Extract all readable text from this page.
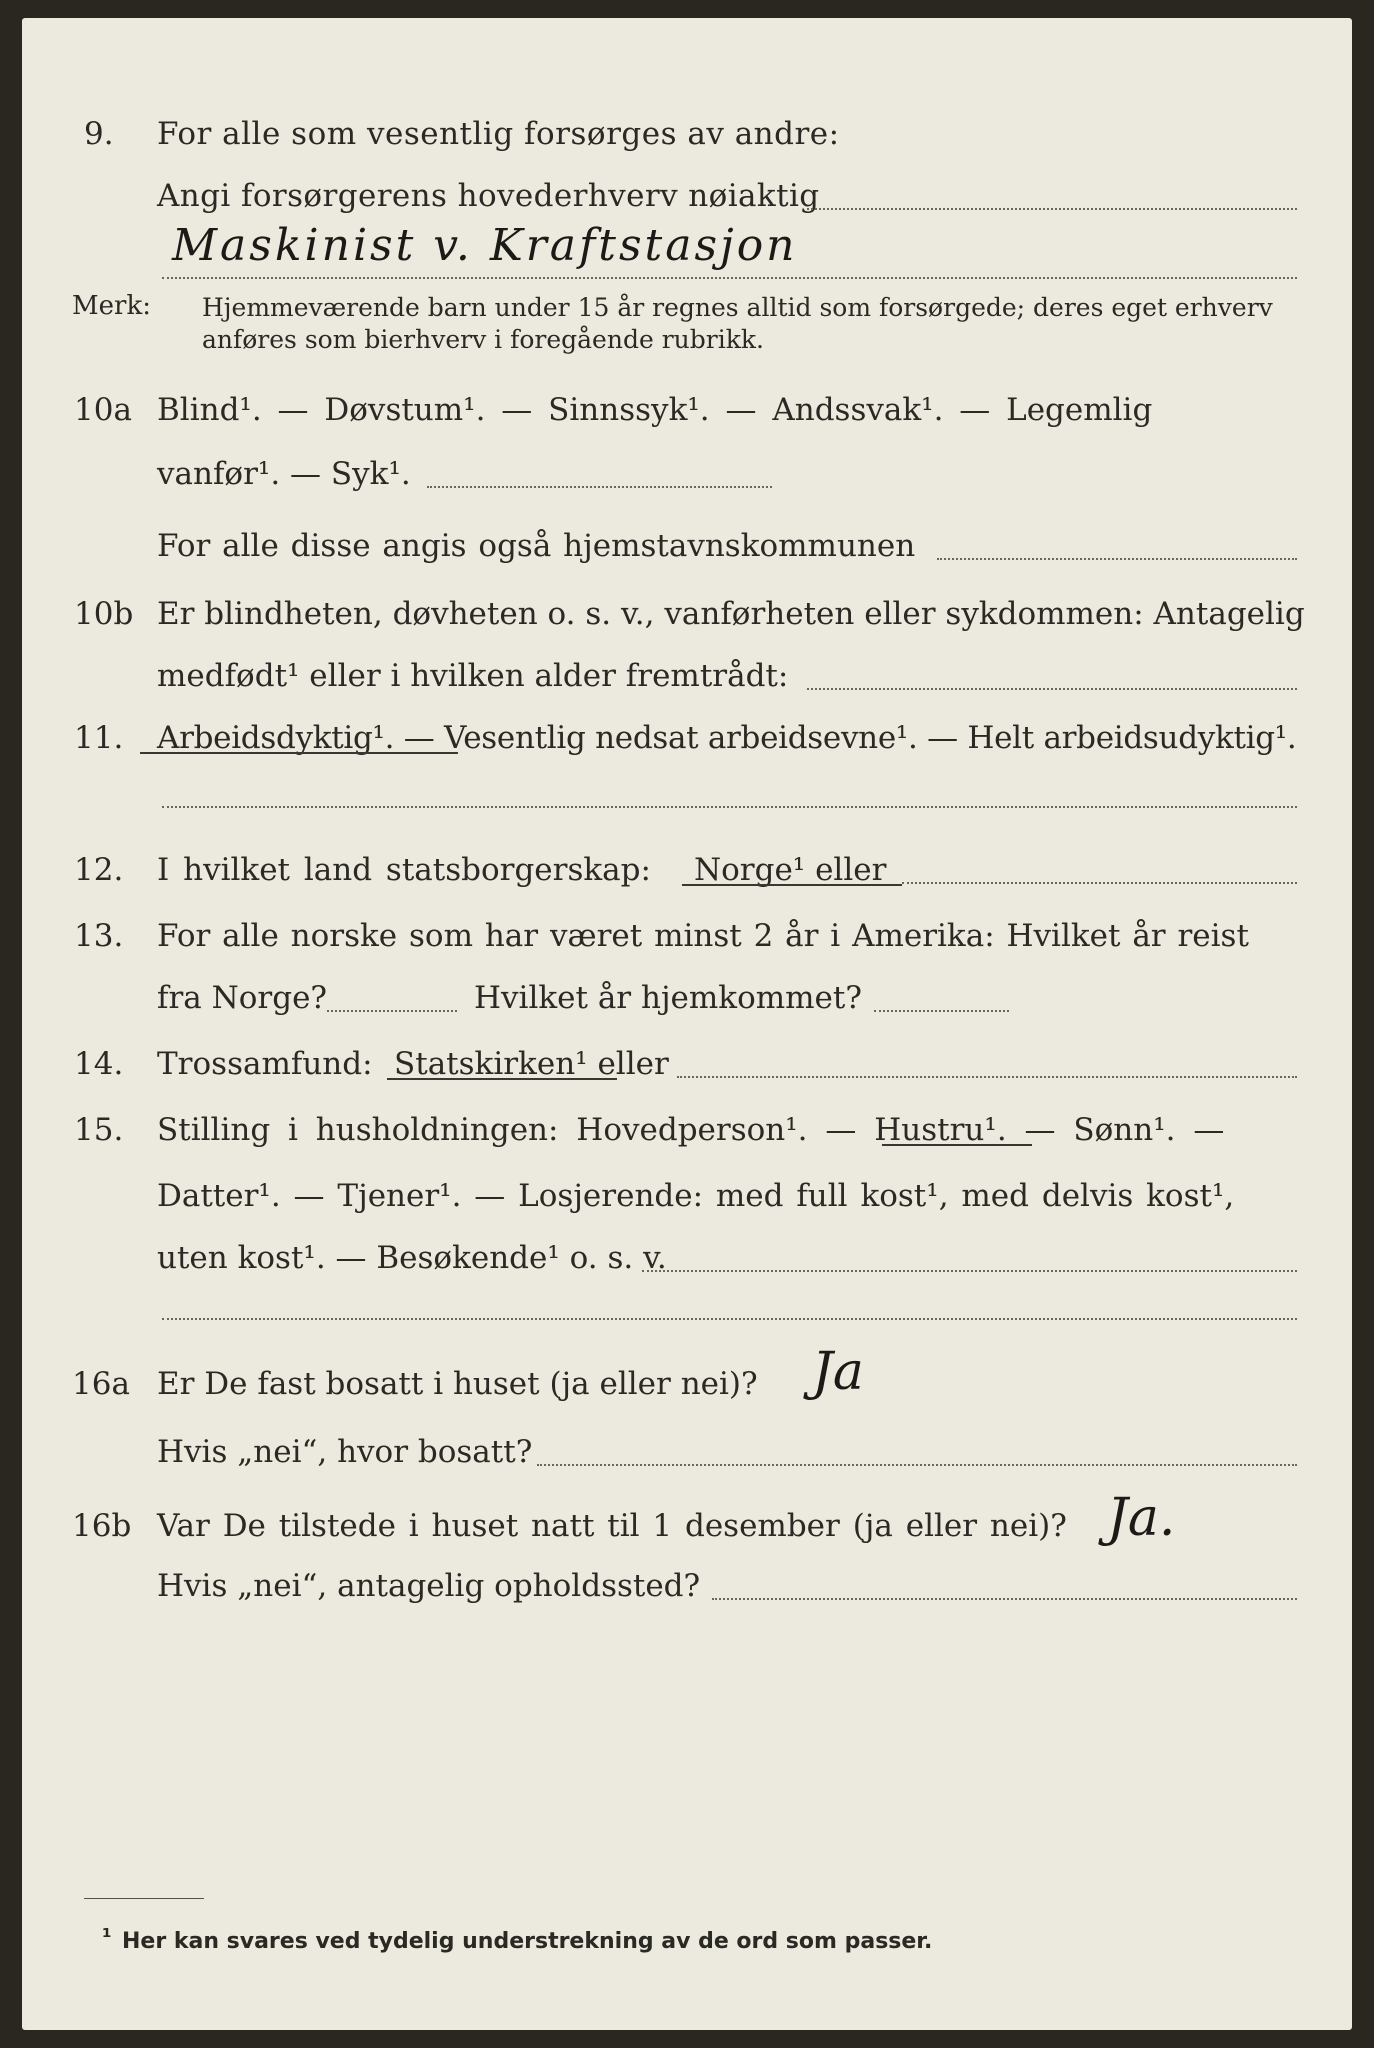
9. For alle som vesentlig forsørges av andre:
Angi forsørgerens hovederhverv nøiaktig
Maskinist v. Kraftstasjon
Merk: Hjemmeværende barn under 15 år regnes alltid som forsørgede; deres eget erhverv
anføres som bierhverv i foregående rubrikk.
10a Blind¹. — Døvstum¹. — Sinnssyk¹. — Andssvak¹. — Legemlig
vanfør¹. — Syk¹.
For alle disse angis også hjemstavnskommunen
10b Er blindheten, døvheten o. s. v., vanførheten eller sykdommen: Antagelig
medfødt¹ eller i hvilken alder fremtrådt:
11. Arbeidsdyktig¹. — Vesentlig nedsat arbeidsevne¹. — Helt arbeidsudyktig¹.
12. I hvilket land statsborgerskap: Norge¹ eller
13. For alle norske som har været minst 2 år i Amerika: Hvilket år reist
fra Norge?	Hvilket år hjemkommet?
14. Trossamfund: Statskirken¹ eller
15. Stilling i husholdningen: Hovedperson¹. — Hustru¹. — Sønn¹. —
Datter¹. — Tjener¹. — Losjerende: med full kost¹, med delvis kost¹,
uten kost¹. — Besøkende¹ o. s. v.
16a Er De fast bosatt i huset (ja eller nei)? Ja
Hvis „nei“, hvor bosatt?
16b Var De tilstede i huset natt til 1 desember (ja eller nei)? Ja.
Hvis „nei“, antagelig opholdssted?
¹ Her kan svares ved tydelig understrekning av de ord som passer.
